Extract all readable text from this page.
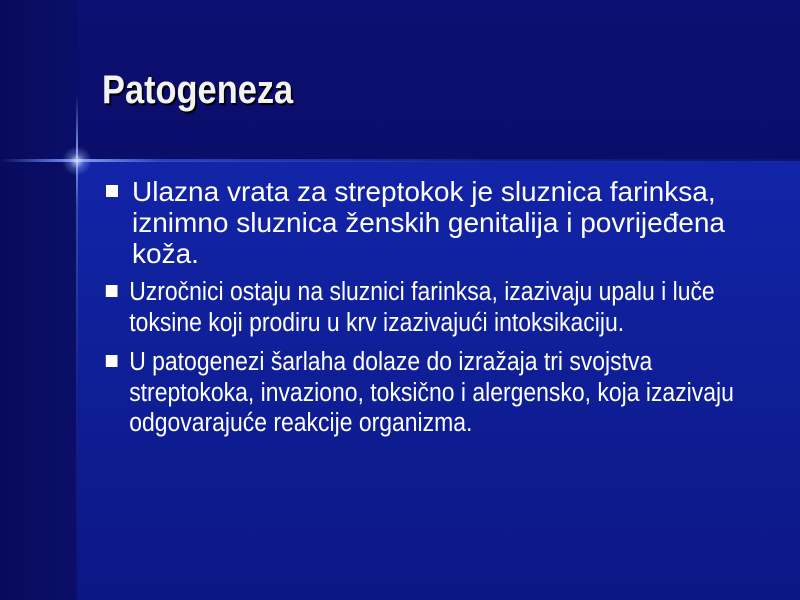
Patogeneza
Ulazna vrata za streptokok je sluznica farinksa, iznimno sluznica ženskih genitalija i povrijeđena koža.
Uzročnici ostaju na sluznici farinksa, izazivaju upalu i luče toksine koji prodiru u krv izazivajući intoksikaciju.
U patogenezi šarlaha dolaze do izražaja tri svojstva streptokoka, invaziono, toksično i alergensko, koja izazivaju odgovarajuće reakcije organizma.
